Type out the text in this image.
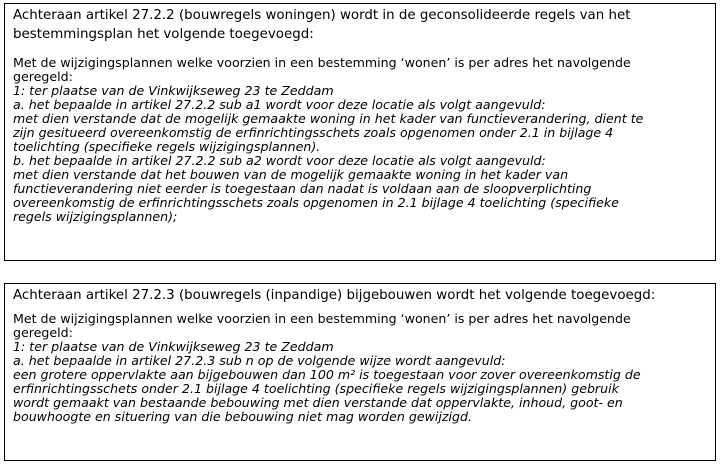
Achteraan artikel 27.2.2 (bouwregels woningen) wordt in de geconsolideerde regels van het

bestemmingsplan het volgende toegevoegd:

Met de wijzigingsplannen welke voorzien in een bestemming ‘wonen’ is per adres het navolgende

geregeld:

1: ter plaatse van de Vinkwijkseweg 23 te Zeddam

a. het bepaalde in artikel 27.2.2 sub a1 wordt voor deze locatie als volgt aangevuld:

met dien verstande dat de mogelijk gemaakte woning in het kader van functieverandering, dient te

zijn gesitueerd overeenkomstig de erfinrichtingsschets zoals opgenomen onder 2.1 in bijlage 4

toelichting (specifieke regels wijzigingsplannen).

b. het bepaalde in artikel 27.2.2 sub a2 wordt voor deze locatie als volgt aangevuld:

met dien verstande dat het bouwen van de mogelijk gemaakte woning in het kader van

functieverandering niet eerder is toegestaan dan nadat is voldaan aan de sloopverplichting

overeenkomstig de erfinrichtingsschets zoals opgenomen in 2.1 bijlage 4 toelichting (specifieke

regels wijzigingsplannen);

Achteraan artikel 27.2.3 (bouwregels (inpandige) bijgebouwen wordt het volgende toegevoegd:

Met de wijzigingsplannen welke voorzien in een bestemming ‘wonen’ is per adres het navolgende

geregeld:

1: ter plaatse van de Vinkwijkseweg 23 te Zeddam

a. het bepaalde in artikel 27.2.3 sub n op de volgende wijze wordt aangevuld:

een grotere oppervlakte aan bijgebouwen dan 100 m² is toegestaan voor zover overeenkomstig de

erfinrichtingsschets onder 2.1 bijlage 4 toelichting (specifieke regels wijzigingsplannen) gebruik

wordt gemaakt van bestaande bebouwing met dien verstande dat oppervlakte, inhoud, goot- en

bouwhoogte en situering van die bebouwing niet mag worden gewijzigd.
